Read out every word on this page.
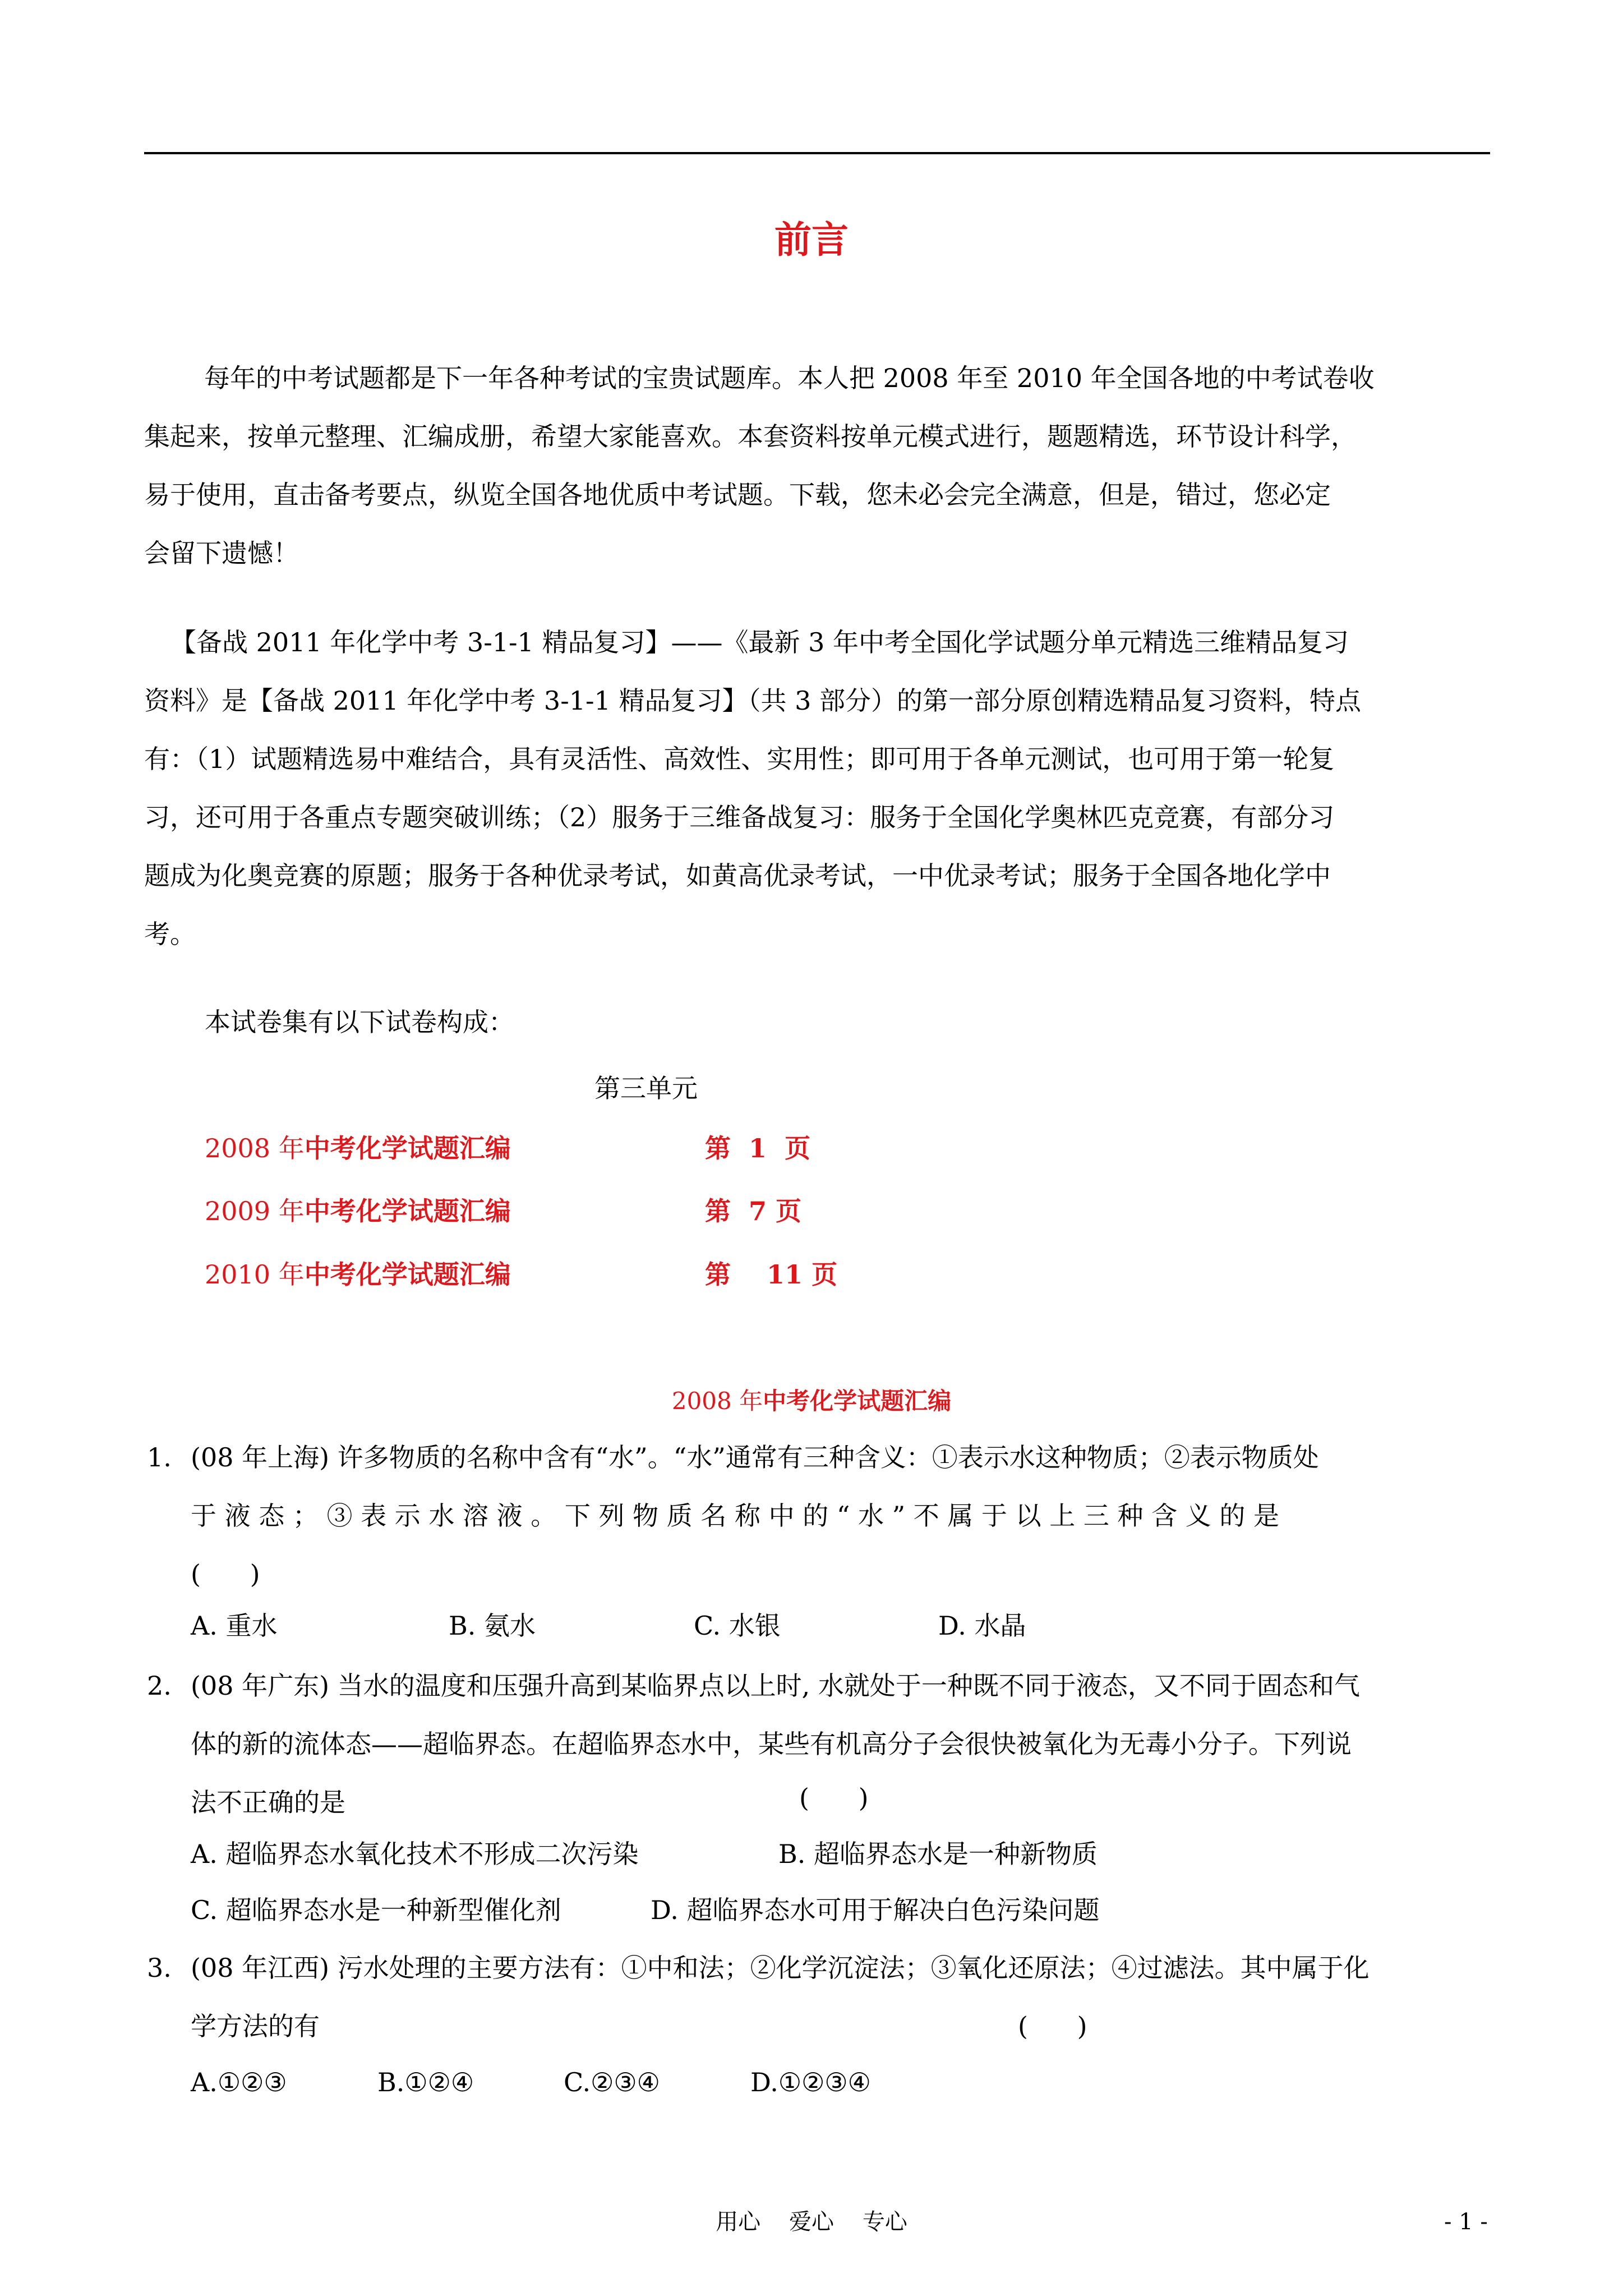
前言
每年的中考试题都是下一年各种考试的宝贵试题库。本人把 2008 年至 2010 年全国各地的中考试卷收
集起来，按单元整理、汇编成册，希望大家能喜欢。本套资料按单元模式进行，题题精选，环节设计科学，
易于使用，直击备考要点，纵览全国各地优质中考试题。下载，您未必会完全满意，但是，错过，您必定
会留下遗憾！
【备战 2011 年化学中考 3-1-1 精品复习】——《最新 3 年中考全国化学试题分单元精选三维精品复习
资料》是【备战 2011 年化学中考 3-1-1 精品复习】（共 3 部分）的第一部分原创精选精品复习资料，特点
有：（1）试题精选易中难结合，具有灵活性、高效性、实用性；即可用于各单元测试，也可用于第一轮复
习，还可用于各重点专题突破训练；（2）服务于三维备战复习：服务于全国化学奥林匹克竞赛，有部分习
题成为化奥竞赛的原题；服务于各种优录考试，如黄高优录考试，一中优录考试；服务于全国各地化学中
考。
本试卷集有以下试卷构成：
第三单元
2008 年中考化学试题汇编	第  1  页
2009 年中考化学试题汇编	第  7 页
2010 年中考化学试题汇编	第    11 页
2008 年中考化学试题汇编
1. (08 年上海) 许多物质的名称中含有“水”。“水”通常有三种含义：①表示水这种物质；②表示物质处
于 液 态 ； ③ 表 示 水 溶 液 。 下 列 物 质 名 称 中 的 “ 水 ” 不 属 于 以 上 三 种 含 义 的 是
(      )
A. 重水	B. 氨水	C. 水银	D. 水晶
2. (08 年广东) 当水的温度和压强升高到某临界点以上时, 水就处于一种既不同于液态，又不同于固态和气
体的新的流体态——超临界态。在超临界态水中，某些有机高分子会很快被氧化为无毒小分子。下列说
法不正确的是	(      )
A. 超临界态水氧化技术不形成二次污染	B. 超临界态水是一种新物质
C. 超临界态水是一种新型催化剂	D. 超临界态水可用于解决白色污染问题
3. (08 年江西) 污水处理的主要方法有：①中和法；②化学沉淀法；③氧化还原法；④过滤法。其中属于化
学方法的有	(      )
A.①②③	B.①②④	C.②③④	D.①②③④
用心    爱心    专心	- 1 -
